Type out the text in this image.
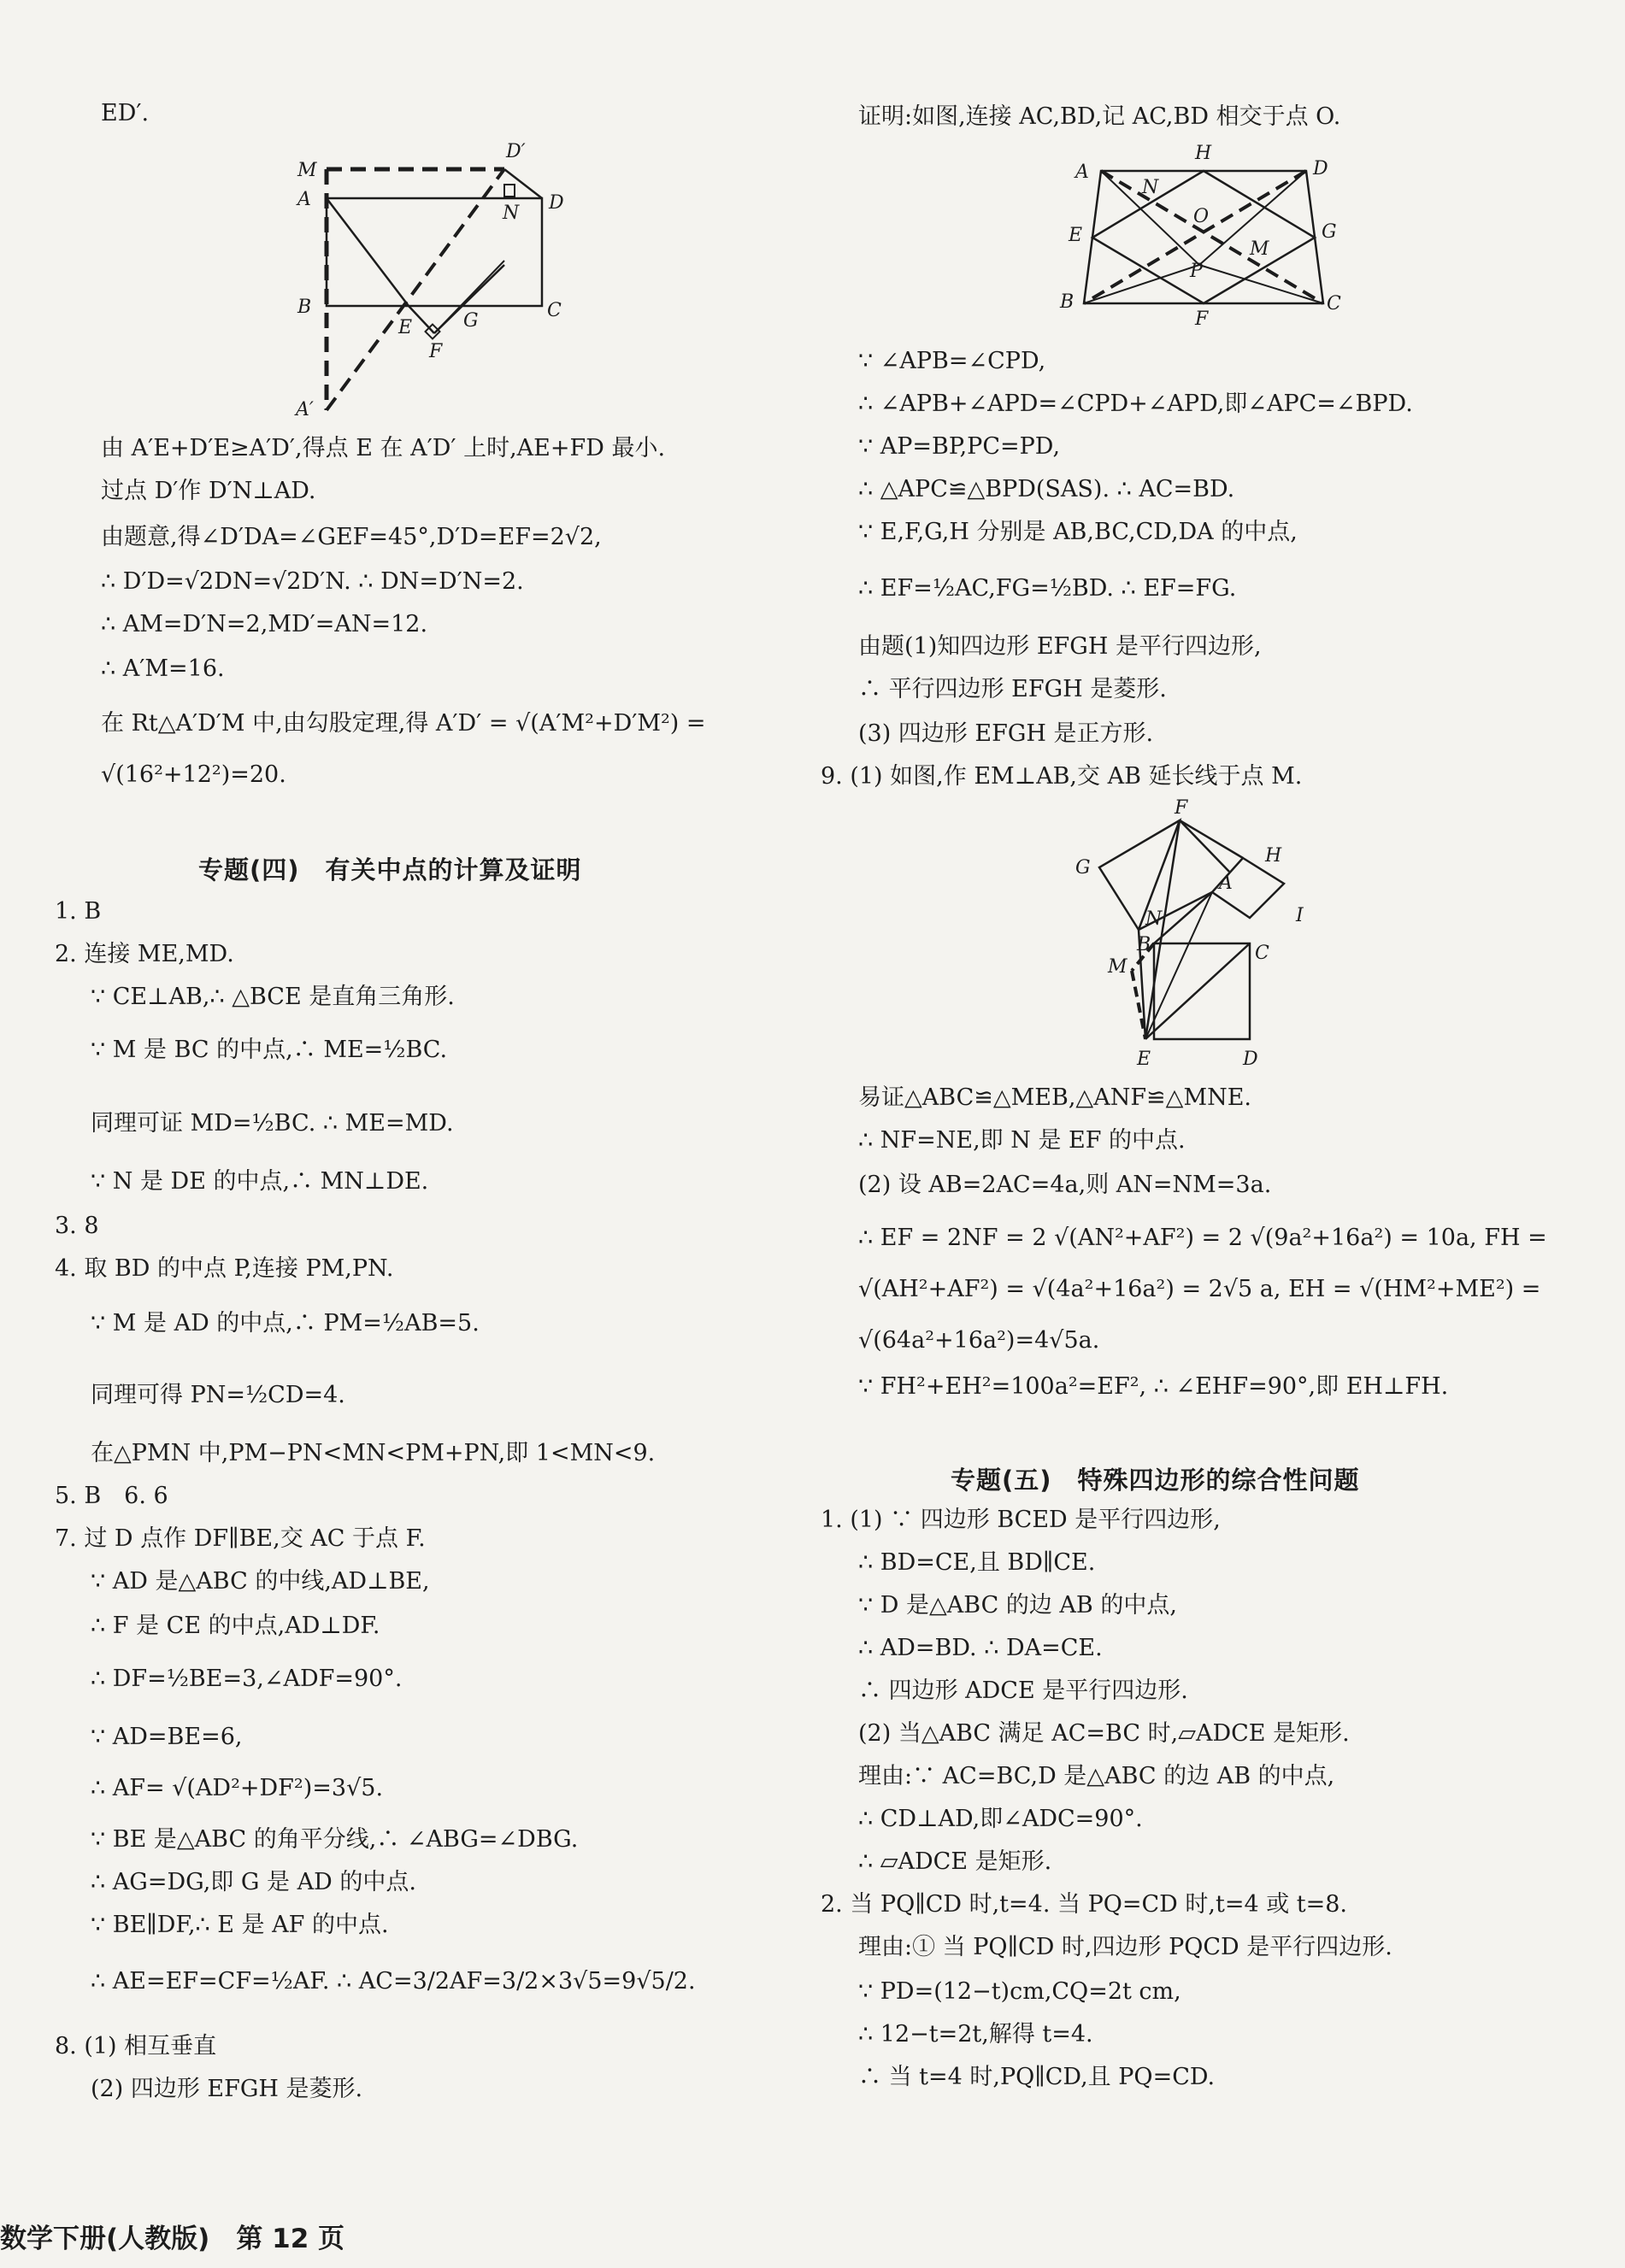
ED′.
M
D′
A
N D
B
E	G	C
F
A′
由 A′E+D′E≥A′D′,得点 E 在 A′D′ 上时,AE+FD 最小.
过点 D′作 D′N⊥AD.
由题意,得∠D′DA=∠GEF=45°,D′D=EF=2√2,
∴ D′D=√2DN=√2D′N. ∴ DN=D′N=2.
∴ AM=D′N=2,MD′=AN=12.
∴ A′M=16.
在 Rt△A′D′M 中,由勾股定理,得 A′D′ = √(A′M²+D′M²) =
√(16²+12²)=20.
专题(四)　有关中点的计算及证明
1. B
2. 连接 ME,MD.
∵ CE⊥AB,∴ △BCE 是直角三角形.
∵ M 是 BC 的中点,∴ ME=½BC.
同理可证 MD=½BC. ∴ ME=MD.
∵ N 是 DE 的中点,∴ MN⊥DE.
3. 8
4. 取 BD 的中点 P,连接 PM,PN.
∵ M 是 AD 的中点,∴ PM=½AB=5.
同理可得 PN=½CD=4.
在△PMN 中,PM−PN<MN<PM+PN,即 1<MN<9.
5. B　6. 6
7. 过 D 点作 DF∥BE,交 AC 于点 F.
∵ AD 是△ABC 的中线,AD⊥BE,
∴ F 是 CE 的中点,AD⊥DF.
∴ DF=½BE=3,∠ADF=90°.
∵ AD=BE=6,
∴ AF= √(AD²+DF²)=3√5.
∵ BE 是△ABC 的角平分线,∴ ∠ABG=∠DBG.
∴ AG=DG,即 G 是 AD 的中点.
∵ BE∥DF,∴ E 是 AF 的中点.
∴ AE=EF=CF=½AF. ∴ AC=3/2AF=3/2×3√5=9√5/2.
8. (1) 相互垂直
(2) 四边形 EFGH 是菱形.
证明:如图,连接 AC,BD,记 AC,BD 相交于点 O.
A
H
D
N
O
E	G
M
P
B
F
C
∵ ∠APB=∠CPD,
∴ ∠APB+∠APD=∠CPD+∠APD,即∠APC=∠BPD.
∵ AP=BP,PC=PD,
∴ △APC≌△BPD(SAS). ∴ AC=BD.
∵ E,F,G,H 分别是 AB,BC,CD,DA 的中点,
∴ EF=½AC,FG=½BD. ∴ EF=FG.
由题(1)知四边形 EFGH 是平行四边形,
∴ 平行四边形 EFGH 是菱形.
(3) 四边形 EFGH 是正方形.
9. (1) 如图,作 EM⊥AB,交 AB 延长线于点 M.
F
G
A
H
I
N
B	C
M
E	D
易证△ABC≌△MEB,△ANF≌△MNE.
∴ NF=NE,即 N 是 EF 的中点.
(2) 设 AB=2AC=4a,则 AN=NM=3a.
∴ EF = 2NF = 2 √(AN²+AF²) = 2 √(9a²+16a²) = 10a, FH =
√(AH²+AF²) = √(4a²+16a²) = 2√5 a, EH = √(HM²+ME²) =
√(64a²+16a²)=4√5a.
∵ FH²+EH²=100a²=EF², ∴ ∠EHF=90°,即 EH⊥FH.
专题(五)　特殊四边形的综合性问题
1. (1) ∵ 四边形 BCED 是平行四边形,
∴ BD=CE,且 BD∥CE.
∵ D 是△ABC 的边 AB 的中点,
∴ AD=BD. ∴ DA=CE.
∴ 四边形 ADCE 是平行四边形.
(2) 当△ABC 满足 AC=BC 时,▱ADCE 是矩形.
理由:∵ AC=BC,D 是△ABC 的边 AB 的中点,
∴ CD⊥AD,即∠ADC=90°.
∴ ▱ADCE 是矩形.
2. 当 PQ∥CD 时,t=4. 当 PQ=CD 时,t=4 或 t=8.
理由:① 当 PQ∥CD 时,四边形 PQCD 是平行四边形.
∵ PD=(12−t)cm,CQ=2t cm,
∴ 12−t=2t,解得 t=4.
∴ 当 t=4 时,PQ∥CD,且 PQ=CD.
数学下册(人教版)　第 12 页
